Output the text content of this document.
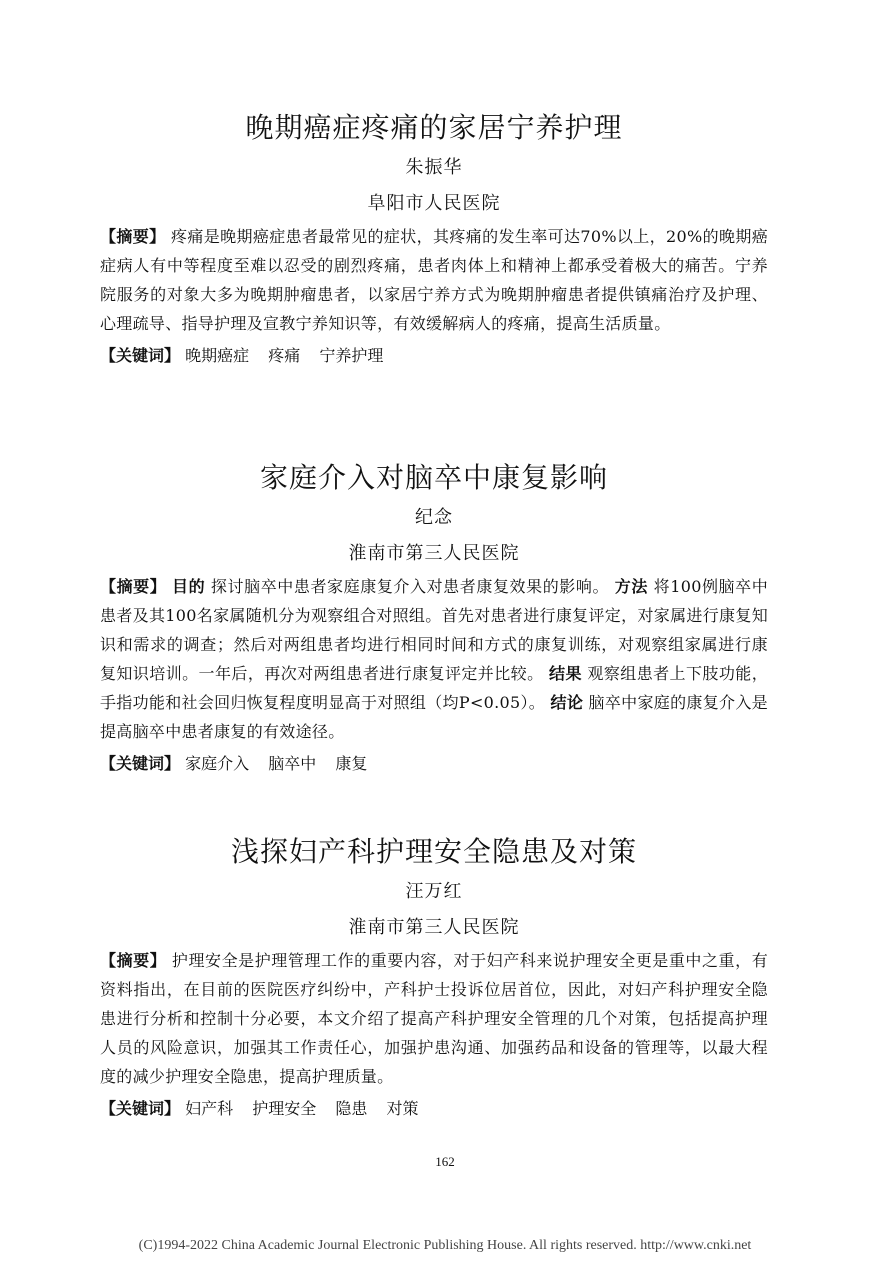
晚期癌症疼痛的家居宁养护理

朱振华

阜阳市人民医院

【摘要】 疼痛是晚期癌症患者最常见的症状，其疼痛的发生率可达70%以上，20%的晚期癌症病人有中等程度至难以忍受的剧烈疼痛，患者肉体上和精神上都承受着极大的痛苦。宁养院服务的对象大多为晚期肿瘤患者，以家居宁养方式为晚期肿瘤患者提供镇痛治疗及护理、心理疏导、指导护理及宣教宁养知识等，有效缓解病人的疼痛，提高生活质量。

【关键词】 晚期癌症 疼痛 宁养护理

家庭介入对脑卒中康复影响

纪念

淮南市第三人民医院

【摘要】 目的 探讨脑卒中患者家庭康复介入对患者康复效果的影响。 方法 将100例脑卒中患者及其100名家属随机分为观察组合对照组。首先对患者进行康复评定，对家属进行康复知识和需求的调查；然后对两组患者均进行相同时间和方式的康复训练，对观察组家属进行康复知识培训。一年后，再次对两组患者进行康复评定并比较。 结果 观察组患者上下肢功能，手指功能和社会回归恢复程度明显高于对照组（均P<0.05）。 结论 脑卒中家庭的康复介入是提高脑卒中患者康复的有效途径。

【关键词】 家庭介入 脑卒中 康复

浅探妇产科护理安全隐患及对策

汪万红

淮南市第三人民医院

【摘要】 护理安全是护理管理工作的重要内容，对于妇产科来说护理安全更是重中之重，有资料指出，在目前的医院医疗纠纷中，产科护士投诉位居首位，因此，对妇产科护理安全隐患进行分析和控制十分必要，本文介绍了提高产科护理安全管理的几个对策，包括提高护理人员的风险意识，加强其工作责任心，加强护患沟通、加强药品和设备的管理等，以最大程度的减少护理安全隐患，提高护理质量。

【关键词】 妇产科 护理安全 隐患 对策

162
(C)1994-2022 China Academic Journal Electronic Publishing House. All rights reserved. http://www.cnki.net
